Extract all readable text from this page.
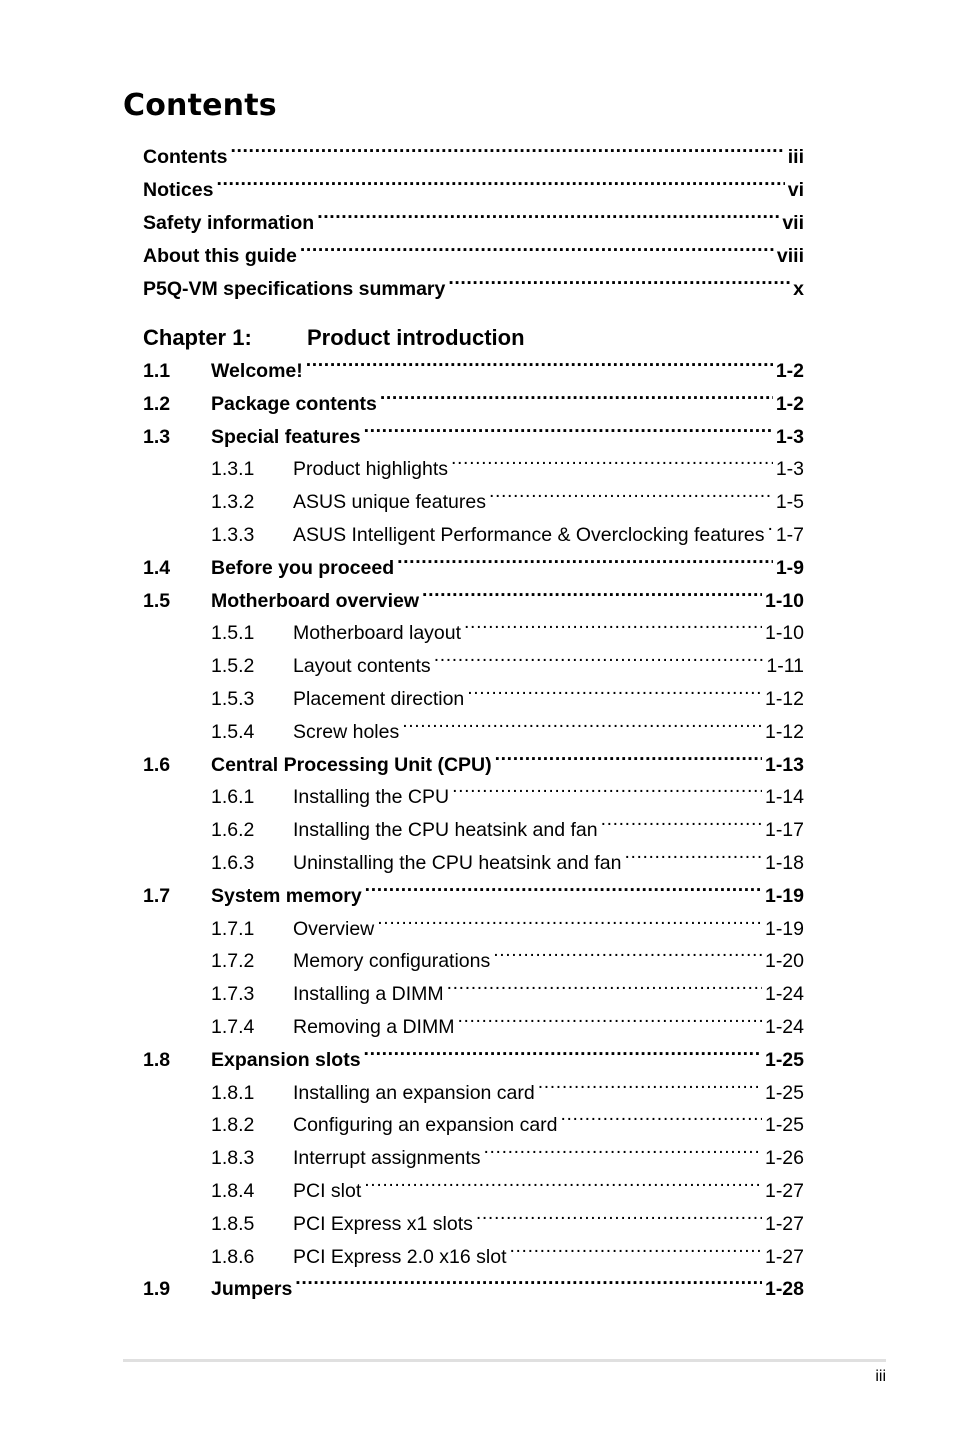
Contents
Chapter 1:	Product introduction
Contents .....	iii
Notices .....	vi
Safety information .....	vii
About this guide .....	viii
P5Q-VM specifications summary .....	x
1.1	Welcome! .....	1-2
1.2	Package contents .....	1-2
1.3	Special features .....	1-3
1.3.1	Product highlights .....	1-3
1.3.2	ASUS unique features .....	1-5
1.3.3	ASUS Intelligent Performance & Overclocking features ..... 1-7
1.4	Before you proceed .....	1-9
1.5	Motherboard overview .....	1-10
1.5.1	Motherboard layout .....	1-10
1.5.2	Layout contents .....	1-11
1.5.3	Placement direction .....	1-12
1.5.4	Screw holes .....	1-12
1.6	Central Processing Unit (CPU) .....	1-13
1.6.1	Installing the CPU .....	1-14
1.6.2	Installing the CPU heatsink and fan .....	1-17
1.6.3	Uninstalling the CPU heatsink and fan .....	1-18
1.7	System memory .....	1-19
1.7.1	Overview .....	1-19
1.7.2	Memory configurations .....	1-20
1.7.3	Installing a DIMM .....	1-24
1.7.4	Removing a DIMM .....	1-24
1.8	Expansion slots .....	1-25
1.8.1	Installing an expansion card .....	1-25
1.8.2	Configuring an expansion card .....	1-25
1.8.3	Interrupt assignments .....	1-26
1.8.4	PCI slot .....	1-27
1.8.5	PCI Express x1 slots .....	1-27
1.8.6	PCI Express 2.0 x16 slot .....	1-27
1.9	Jumpers .....	1-28
iii
